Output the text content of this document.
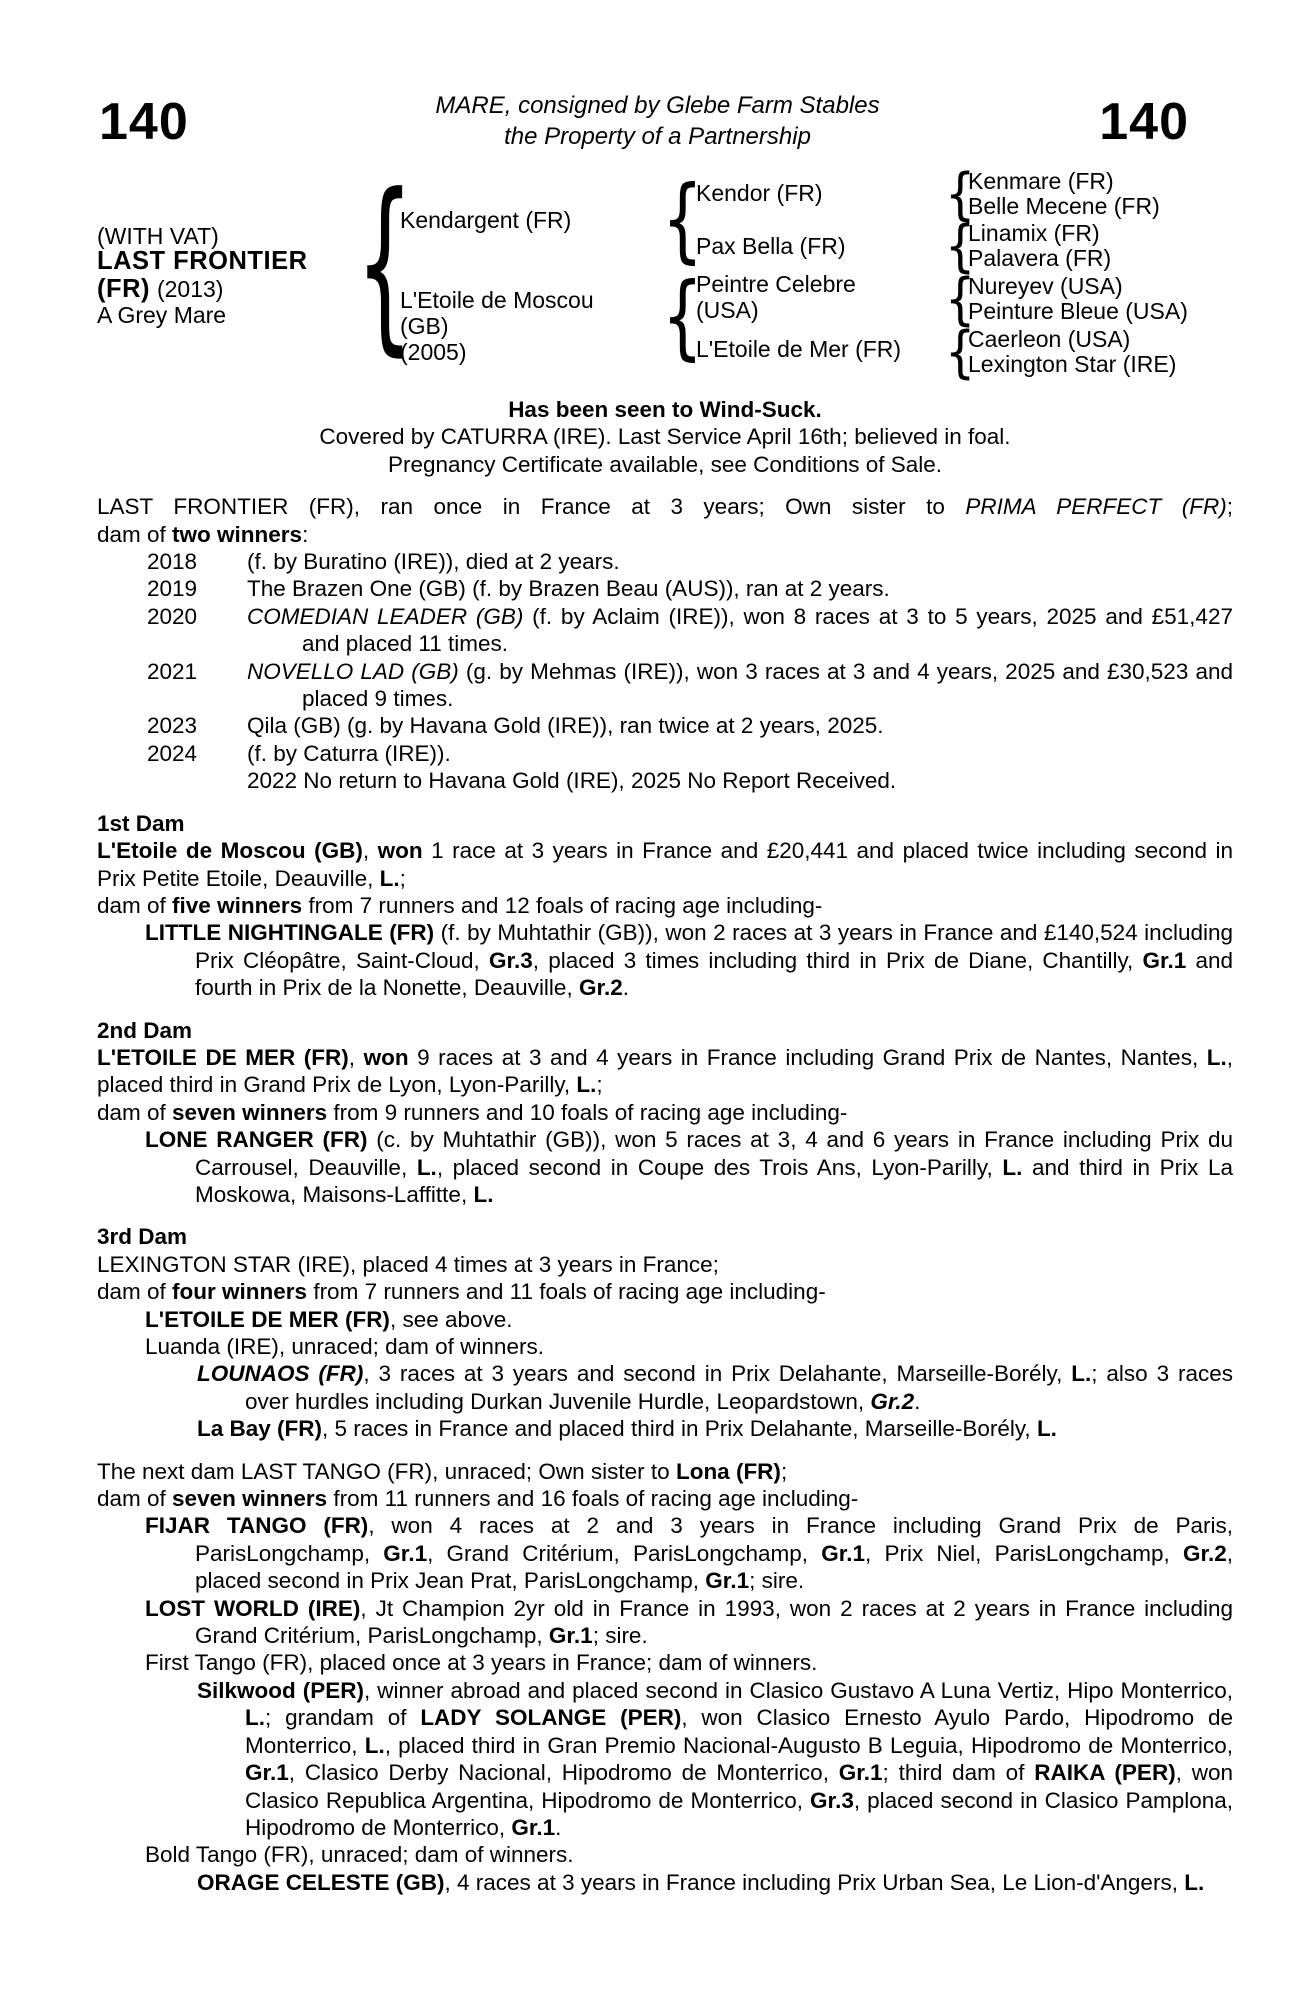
140	MARE, consigned by Glebe Farm Stables
the Property of a Partnership	140
(WITH VAT)
LAST FRONTIER
(FR) (2013)
A Grey Mare
{
{
{
{
{
{
{
Kendargent (FR)
L'Etoile de Moscou
(GB)
(2005)
Kendor (FR)
Pax Bella (FR)
Peintre Celebre
(USA)
L'Etoile de Mer (FR)
Kenmare (FR)
Belle Mecene (FR)
Linamix (FR)
Palavera (FR)
Nureyev (USA)
Peinture Bleue (USA)
Caerleon (USA)
Lexington Star (IRE)
Has been seen to Wind-Suck.
Covered by CATURRA (IRE). Last Service April 16th; believed in foal.
Pregnancy Certificate available, see Conditions of Sale.
LAST FRONTIER (FR), ran once in France at 3 years; Own sister to PRIMA PERFECT (FR);
dam of two winners:
2018 (f. by Buratino (IRE)), died at 2 years.
2019 The Brazen One (GB) (f. by Brazen Beau (AUS)), ran at 2 years.
2020 COMEDIAN LEADER (GB) (f. by Aclaim (IRE)), won 8 races at 3 to 5 years, 2025 and £51,427 and placed 11 times.
2021 NOVELLO LAD (GB) (g. by Mehmas (IRE)), won 3 races at 3 and 4 years, 2025 and £30,523 and placed 9 times.
2023 Qila (GB) (g. by Havana Gold (IRE)), ran twice at 2 years, 2025.
2024 (f. by Caturra (IRE)).
2022 No return to Havana Gold (IRE), 2025 No Report Received.
1st Dam
L'Etoile de Moscou (GB), won 1 race at 3 years in France and £20,441 and placed twice including second in Prix Petite Etoile, Deauville, L.;
dam of five winners from 7 runners and 12 foals of racing age including-
LITTLE NIGHTINGALE (FR) (f. by Muhtathir (GB)), won 2 races at 3 years in France and £140,524 including Prix Cléopâtre, Saint-Cloud, Gr.3, placed 3 times including third in Prix de Diane, Chantilly, Gr.1 and fourth in Prix de la Nonette, Deauville, Gr.2.
2nd Dam
L'ETOILE DE MER (FR), won 9 races at 3 and 4 years in France including Grand Prix de Nantes, Nantes, L., placed third in Grand Prix de Lyon, Lyon-Parilly, L.;
dam of seven winners from 9 runners and 10 foals of racing age including-
LONE RANGER (FR) (c. by Muhtathir (GB)), won 5 races at 3, 4 and 6 years in France including Prix du Carrousel, Deauville, L., placed second in Coupe des Trois Ans, Lyon-Parilly, L. and third in Prix La Moskowa, Maisons-Laffitte, L.
3rd Dam
LEXINGTON STAR (IRE), placed 4 times at 3 years in France;
dam of four winners from 7 runners and 11 foals of racing age including-
L'ETOILE DE MER (FR), see above.
Luanda (IRE), unraced; dam of winners.
LOUNAOS (FR), 3 races at 3 years and second in Prix Delahante, Marseille-Borély, L.; also 3 races over hurdles including Durkan Juvenile Hurdle, Leopardstown, Gr.2.
La Bay (FR), 5 races in France and placed third in Prix Delahante, Marseille-Borély, L.
The next dam LAST TANGO (FR), unraced; Own sister to Lona (FR);
dam of seven winners from 11 runners and 16 foals of racing age including-
FIJAR TANGO (FR), won 4 races at 2 and 3 years in France including Grand Prix de Paris, ParisLongchamp, Gr.1, Grand Critérium, ParisLongchamp, Gr.1, Prix Niel, ParisLongchamp, Gr.2, placed second in Prix Jean Prat, ParisLongchamp, Gr.1; sire.
LOST WORLD (IRE), Jt Champion 2yr old in France in 1993, won 2 races at 2 years in France including Grand Critérium, ParisLongchamp, Gr.1; sire.
First Tango (FR), placed once at 3 years in France; dam of winners.
Silkwood (PER), winner abroad and placed second in Clasico Gustavo A Luna Vertiz, Hipo Monterrico, L.; grandam of LADY SOLANGE (PER), won Clasico Ernesto Ayulo Pardo, Hipodromo de Monterrico, L., placed third in Gran Premio Nacional-Augusto B Leguia, Hipodromo de Monterrico, Gr.1, Clasico Derby Nacional, Hipodromo de Monterrico, Gr.1; third dam of RAIKA (PER), won Clasico Republica Argentina, Hipodromo de Monterrico, Gr.3, placed second in Clasico Pamplona, Hipodromo de Monterrico, Gr.1.
Bold Tango (FR), unraced; dam of winners.
ORAGE CELESTE (GB), 4 races at 3 years in France including Prix Urban Sea, Le Lion-d'Angers, L.
